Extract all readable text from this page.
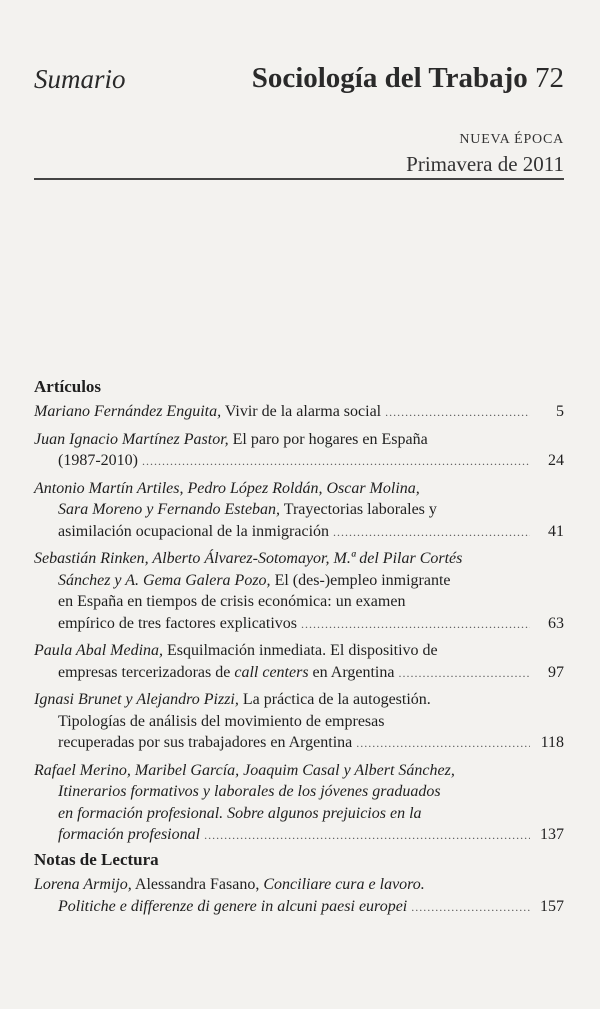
Sumario	Sociología del Trabajo 72
NUEVA ÉPOCA
Primavera de 2011
Artículos
Mariano Fernández Enguita, Vivir de la alarma social .....	5
Juan Ignacio Martínez Pastor, El paro por hogares en España
(1987-2010) .....	24
Antonio Martín Artiles, Pedro López Roldán, Oscar Molina,
Sara Moreno y Fernando Esteban, Trayectorias laborales y
asimilación ocupacional de la inmigración .....	41
Sebastián Rinken, Alberto Álvarez-Sotomayor, M.ª del Pilar Cortés
Sánchez y A. Gema Galera Pozo, El (des-)empleo inmigrante
en España en tiempos de crisis económica: un examen
empírico de tres factores explicativos .....	63
Paula Abal Medina, Esquilmación inmediata. El dispositivo de
empresas tercerizadoras de call centers en Argentina .....	97
Ignasi Brunet y Alejandro Pizzi, La práctica de la autogestión.
Tipologías de análisis del movimiento de empresas
recuperadas por sus trabajadores en Argentina .....	118
Rafael Merino, Maribel García, Joaquim Casal y Albert Sánchez,
Itinerarios formativos y laborales de los jóvenes graduados
en formación profesional. Sobre algunos prejuicios en la
formación profesional .....	137
Notas de Lectura
Lorena Armijo, Alessandra Fasano, Conciliare cura e lavoro.
Politiche e differenze di genere in alcuni paesi europei .....	157
